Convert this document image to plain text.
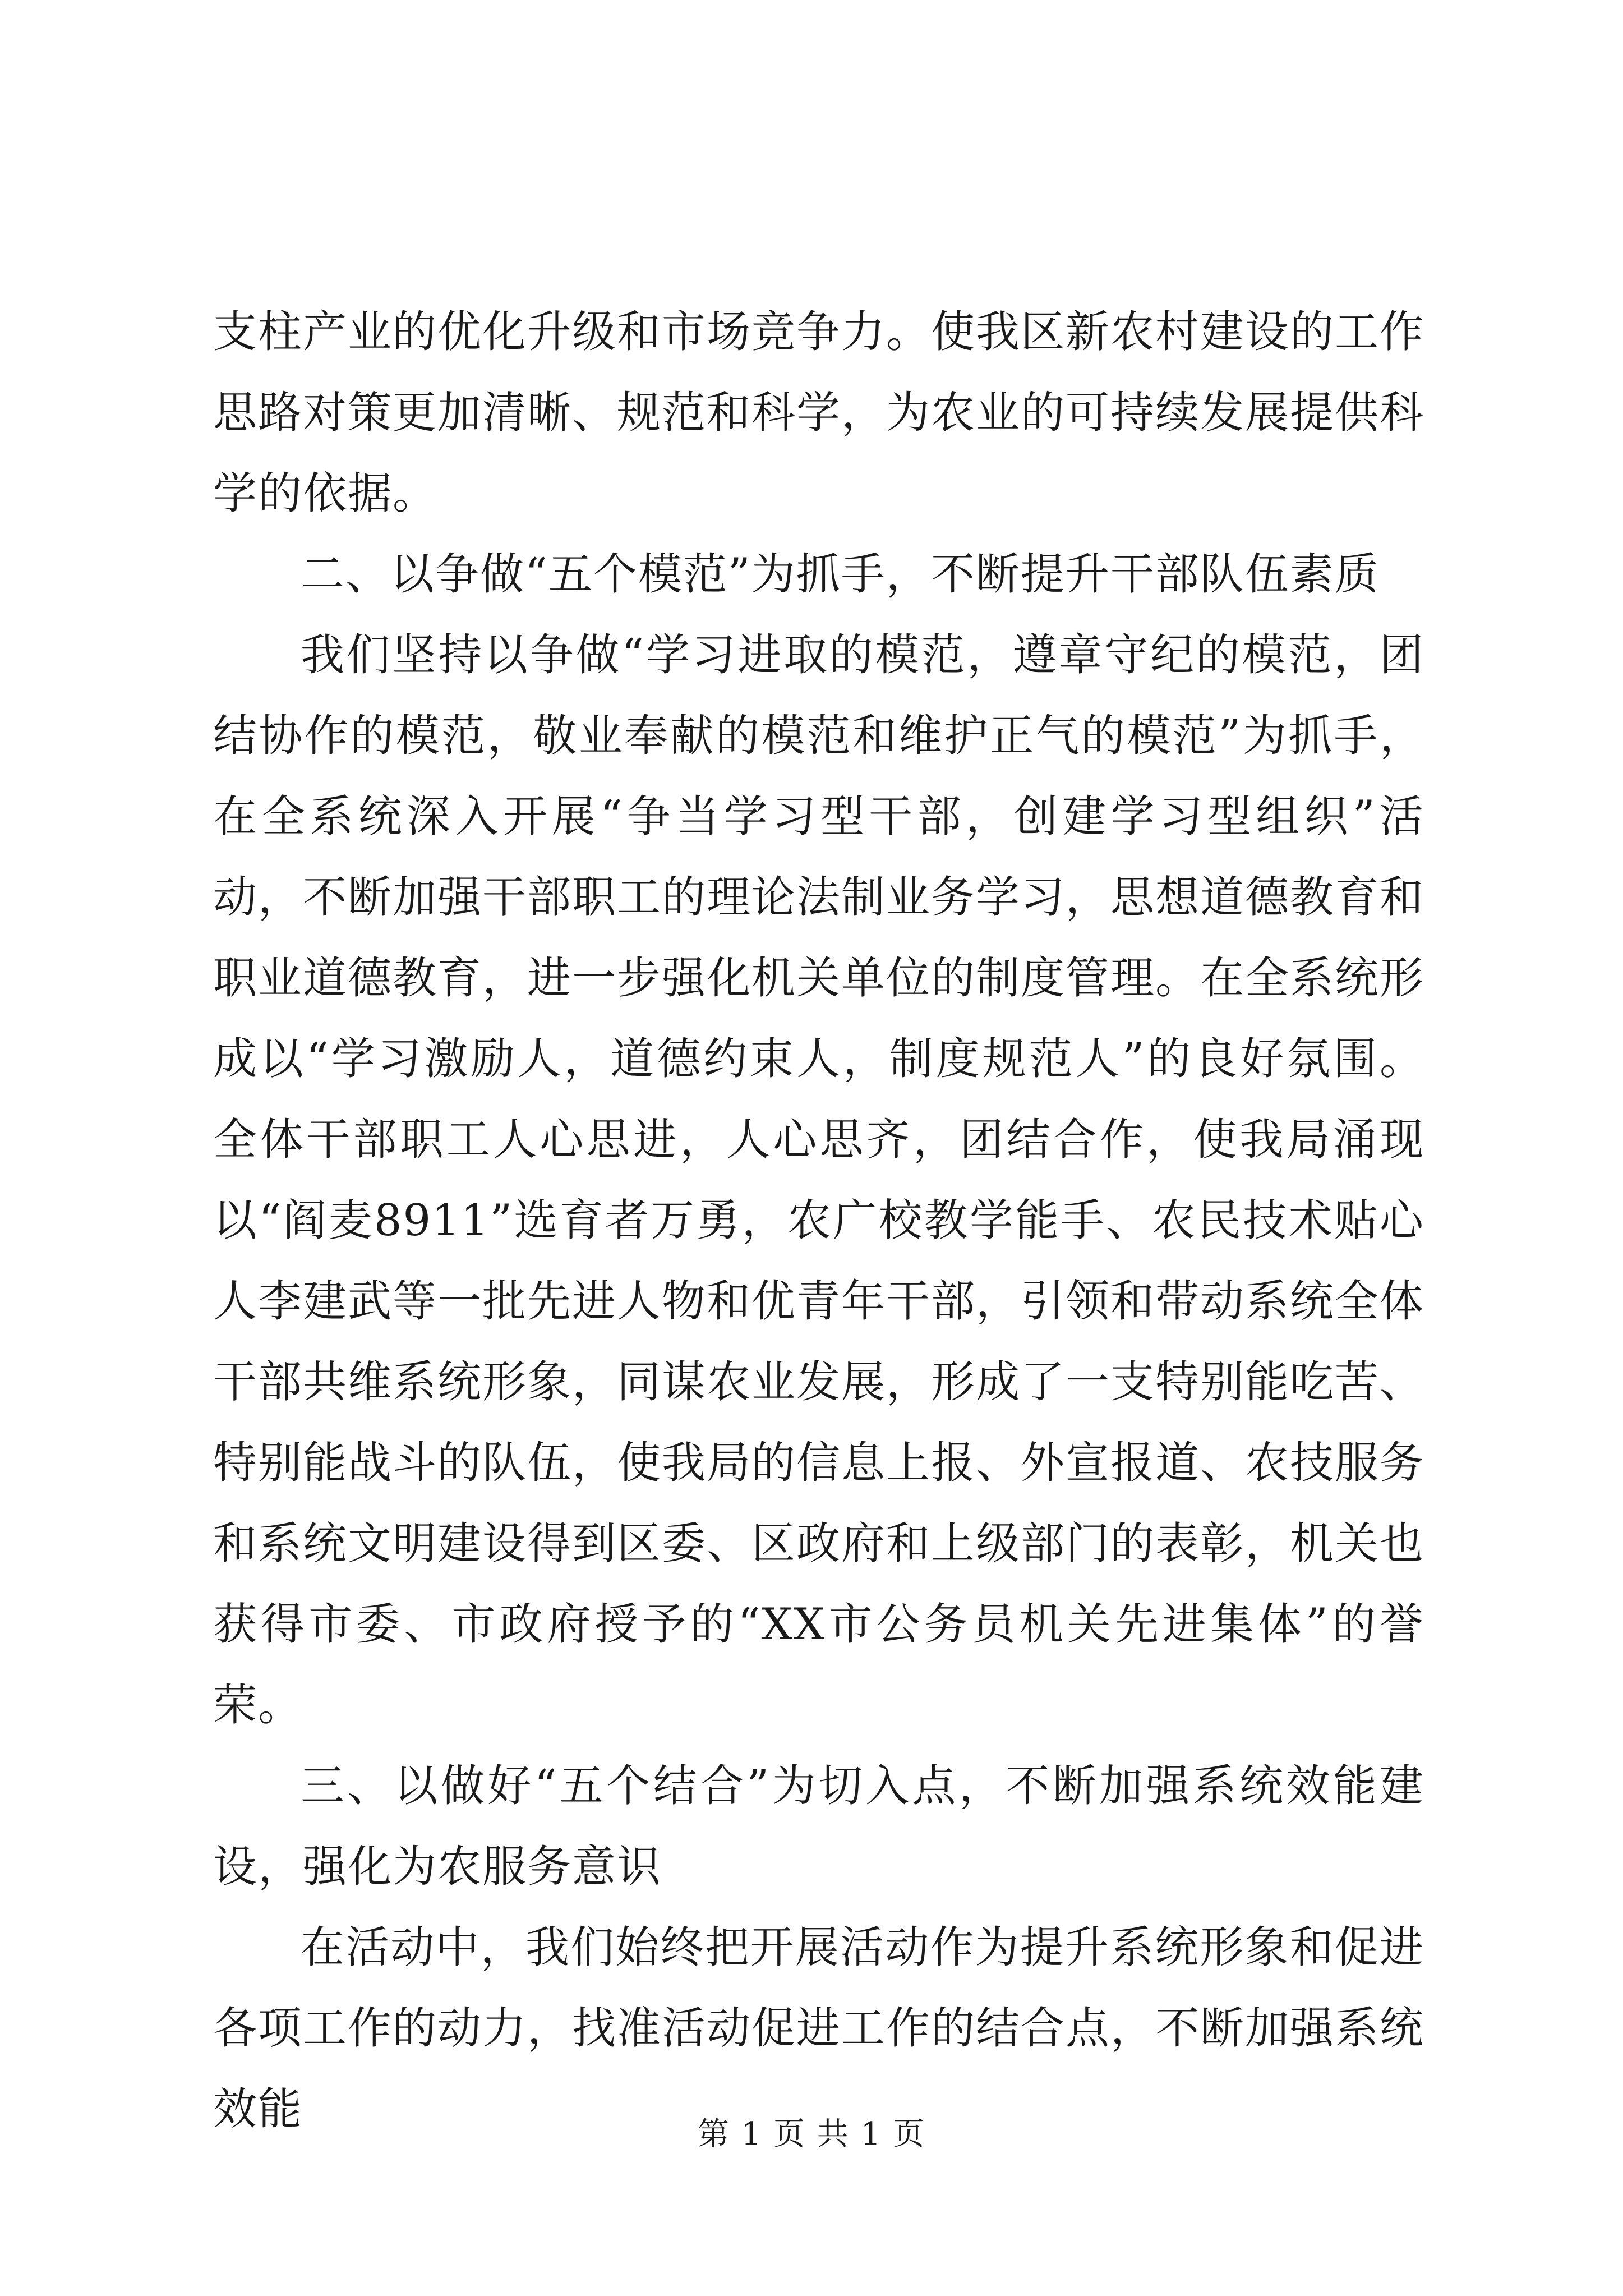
支柱产业的优化升级和市场竞争力。使我区新农村建设的工作思路对策更加清晰、规范和科学，为农业的可持续发展提供科学的依据。

二、以争做“五个模范”为抓手，不断提升干部队伍素质

我们坚持以争做“学习进取的模范，遵章守纪的模范，团结协作的模范，敬业奉献的模范和维护正气的模范”为抓手，在全系统深入开展“争当学习型干部，创建学习型组织”活动，不断加强干部职工的理论法制业务学习，思想道德教育和职业道德教育，进一步强化机关单位的制度管理。在全系统形成以“学习激励人，道德约束人，制度规范人”的良好氛围。全体干部职工人心思进，人心思齐，团结合作，使我局涌现以“阎麦8911”选育者万勇，农广校教学能手、农民技术贴心人李建武等一批先进人物和优青年干部，引领和带动系统全体干部共维系统形象，同谋农业发展，形成了一支特别能吃苦、特别能战斗的队伍，使我局的信息上报、外宣报道、农技服务和系统文明建设得到区委、区政府和上级部门的表彰，机关也获得市委、市政府授予的“XX市公务员机关先进集体”的誉荣。

三、以做好“五个结合”为切入点，不断加强系统效能建设，强化为农服务意识

在活动中，我们始终把开展活动作为提升系统形象和促进各项工作的动力，找准活动促进工作的结合点，不断加强系统效能	第 1 页 共 1 页
